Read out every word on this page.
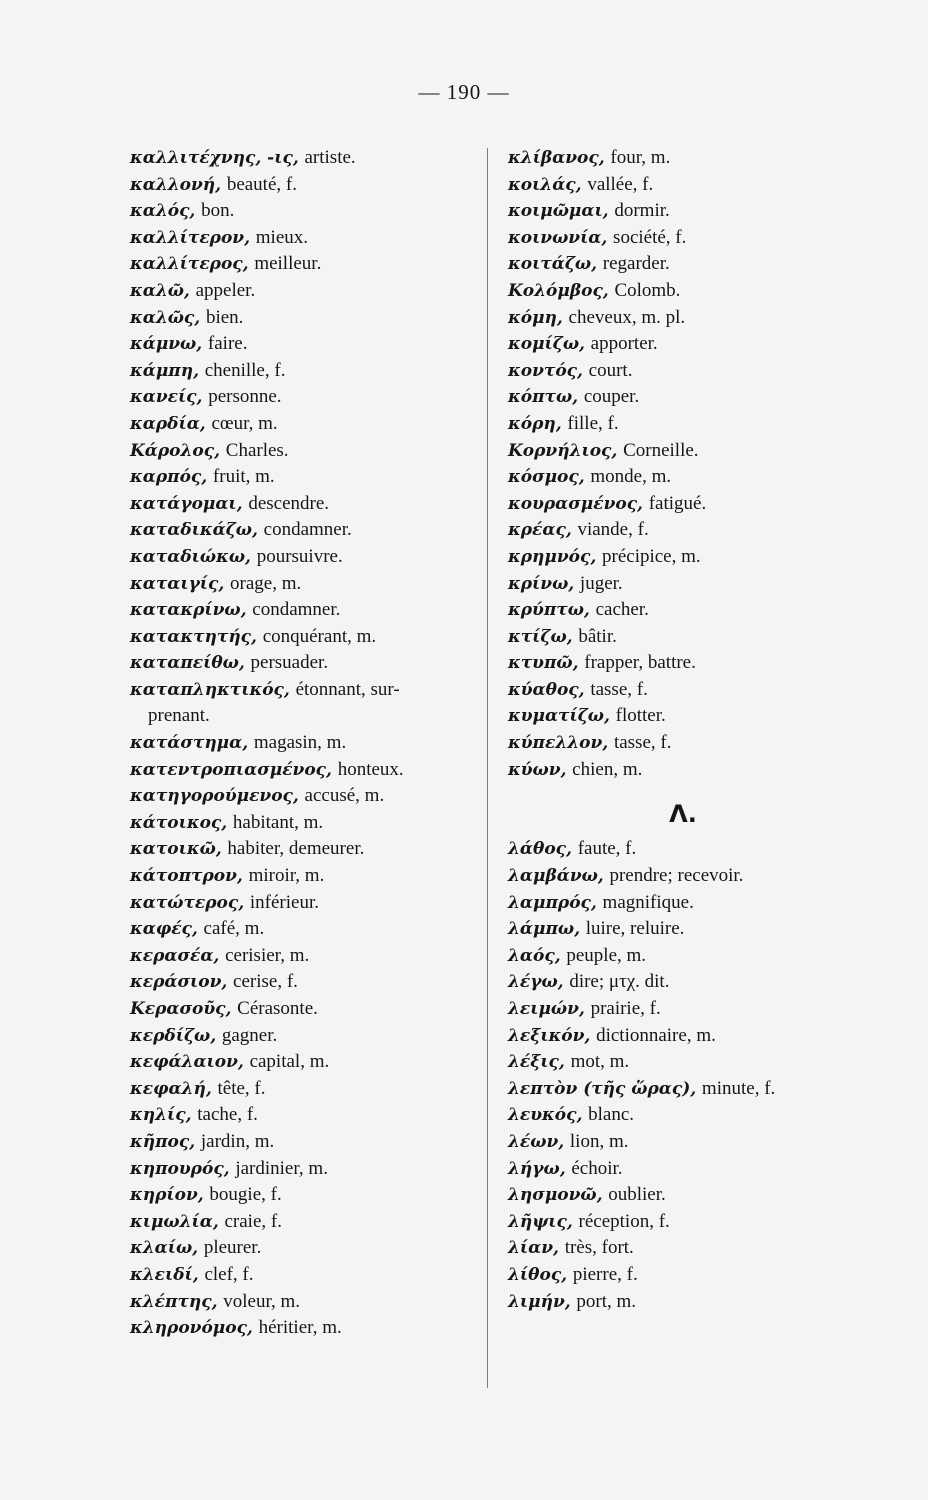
— 190 —
καλλιτέχνης, -ις, artiste.
καλλονή, beauté, f.
καλός, bon.
καλλίτερον, mieux.
καλλίτερος, meilleur.
καλῶ, appeler.
καλῶς, bien.
κάμνω, faire.
κάμπη, chenille, f.
κανείς, personne.
καρδία, cœur, m.
Κάρολος, Charles.
καρπός, fruit, m.
κατάγομαι, descendre.
καταδικάζω, condamner.
καταδιώκω, poursuivre.
καταιγίς, orage, m.
κατακρίνω, condamner.
κατακτητής, conquérant, m.
καταπείθω, persuader.
καταπληκτικός, étonnant, sur-
prenant.
κατάστημα, magasin, m.
κατεντροπιασμένος, honteux.
κατηγορούμενος, accusé, m.
κάτοικος, habitant, m.
κατοικῶ, habiter, demeurer.
κάτοπτρον, miroir, m.
κατώτερος, inférieur.
καφές, café, m.
κερασέα, cerisier, m.
κεράσιον, cerise, f.
Κερασοῦς, Cérasonte.
κερδίζω, gagner.
κεφάλαιον, capital, m.
κεφαλή, tête, f.
κηλίς, tache, f.
κῆπος, jardin, m.
κηπουρός, jardinier, m.
κηρίον, bougie, f.
κιμωλία, craie, f.
κλαίω, pleurer.
κλειδί, clef, f.
κλέπτης, voleur, m.
κληρονόμος, héritier, m.
κλίβανος, four, m.
κοιλάς, vallée, f.
κοιμῶμαι, dormir.
κοινωνία, société, f.
κοιτάζω, regarder.
Κολόμβος, Colomb.
κόμη, cheveux, m. pl.
κομίζω, apporter.
κοντός, court.
κόπτω, couper.
κόρη, fille, f.
Κορνήλιος, Corneille.
κόσμος, monde, m.
κουρασμένος, fatigué.
κρέας, viande, f.
κρημνός, précipice, m.
κρίνω, juger.
κρύπτω, cacher.
κτίζω, bâtir.
κτυπῶ, frapper, battre.
κύαθος, tasse, f.
κυματίζω, flotter.
κύπελλον, tasse, f.
κύων, chien, m.
Λ.
λάθος, faute, f.
λαμβάνω, prendre; recevoir.
λαμπρός, magnifique.
λάμπω, luire, reluire.
λαός, peuple, m.
λέγω, dire; μτχ. dit.
λειμών, prairie, f.
λεξικόν, dictionnaire, m.
λέξις, mot, m.
λεπτὸν (τῆς ὥρας), minute, f.
λευκός, blanc.
λέων, lion, m.
λήγω, échoir.
λησμονῶ, oublier.
λῆψις, réception, f.
λίαν, très, fort.
λίθος, pierre, f.
λιμήν, port, m.
